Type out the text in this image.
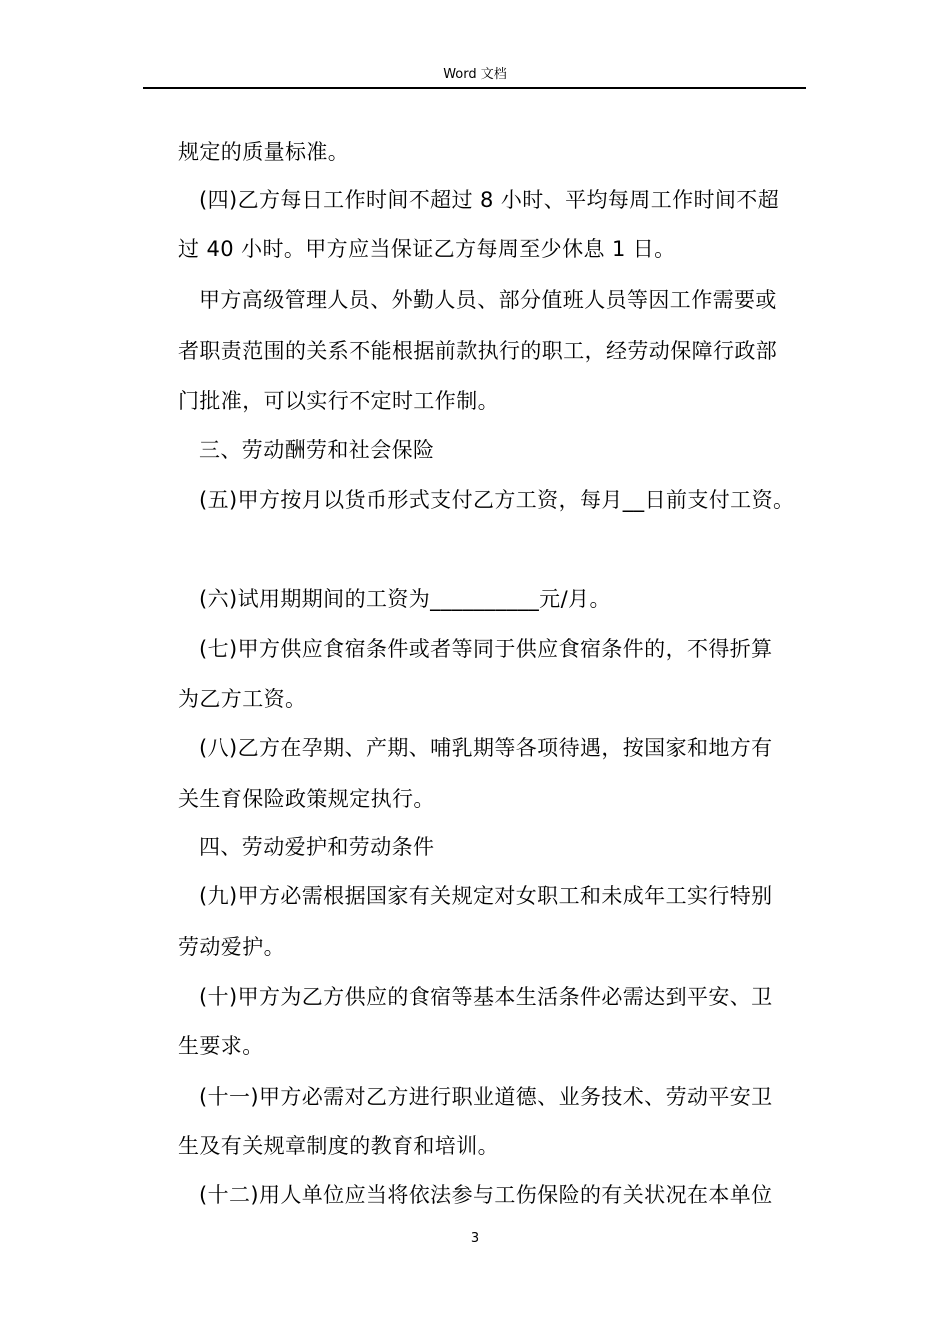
Word 文档
规定的质量标准。
(四)乙方每日工作时间不超过 8 小时、平均每周工作时间不超
过 40 小时。甲方应当保证乙方每周至少休息 1 日。
甲方高级管理人员、外勤人员、部分值班人员等因工作需要或
者职责范围的关系不能根据前款执行的职工，经劳动保障行政部
门批准，可以实行不定时工作制。
三、劳动酬劳和社会保险
(五)甲方按月以货币形式支付乙方工资，每月__日前支付工资。
(六)试用期期间的工资为__________元/月。
(七)甲方供应食宿条件或者等同于供应食宿条件的，不得折算
为乙方工资。
(八)乙方在孕期、产期、哺乳期等各项待遇，按国家和地方有
关生育保险政策规定执行。
四、劳动爱护和劳动条件
(九)甲方必需根据国家有关规定对女职工和未成年工实行特别
劳动爱护。
(十)甲方为乙方供应的食宿等基本生活条件必需达到平安、卫
生要求。
(十一)甲方必需对乙方进行职业道德、业务技术、劳动平安卫
生及有关规章制度的教育和培训。
(十二)用人单位应当将依法参与工伤保险的有关状况在本单位
3
